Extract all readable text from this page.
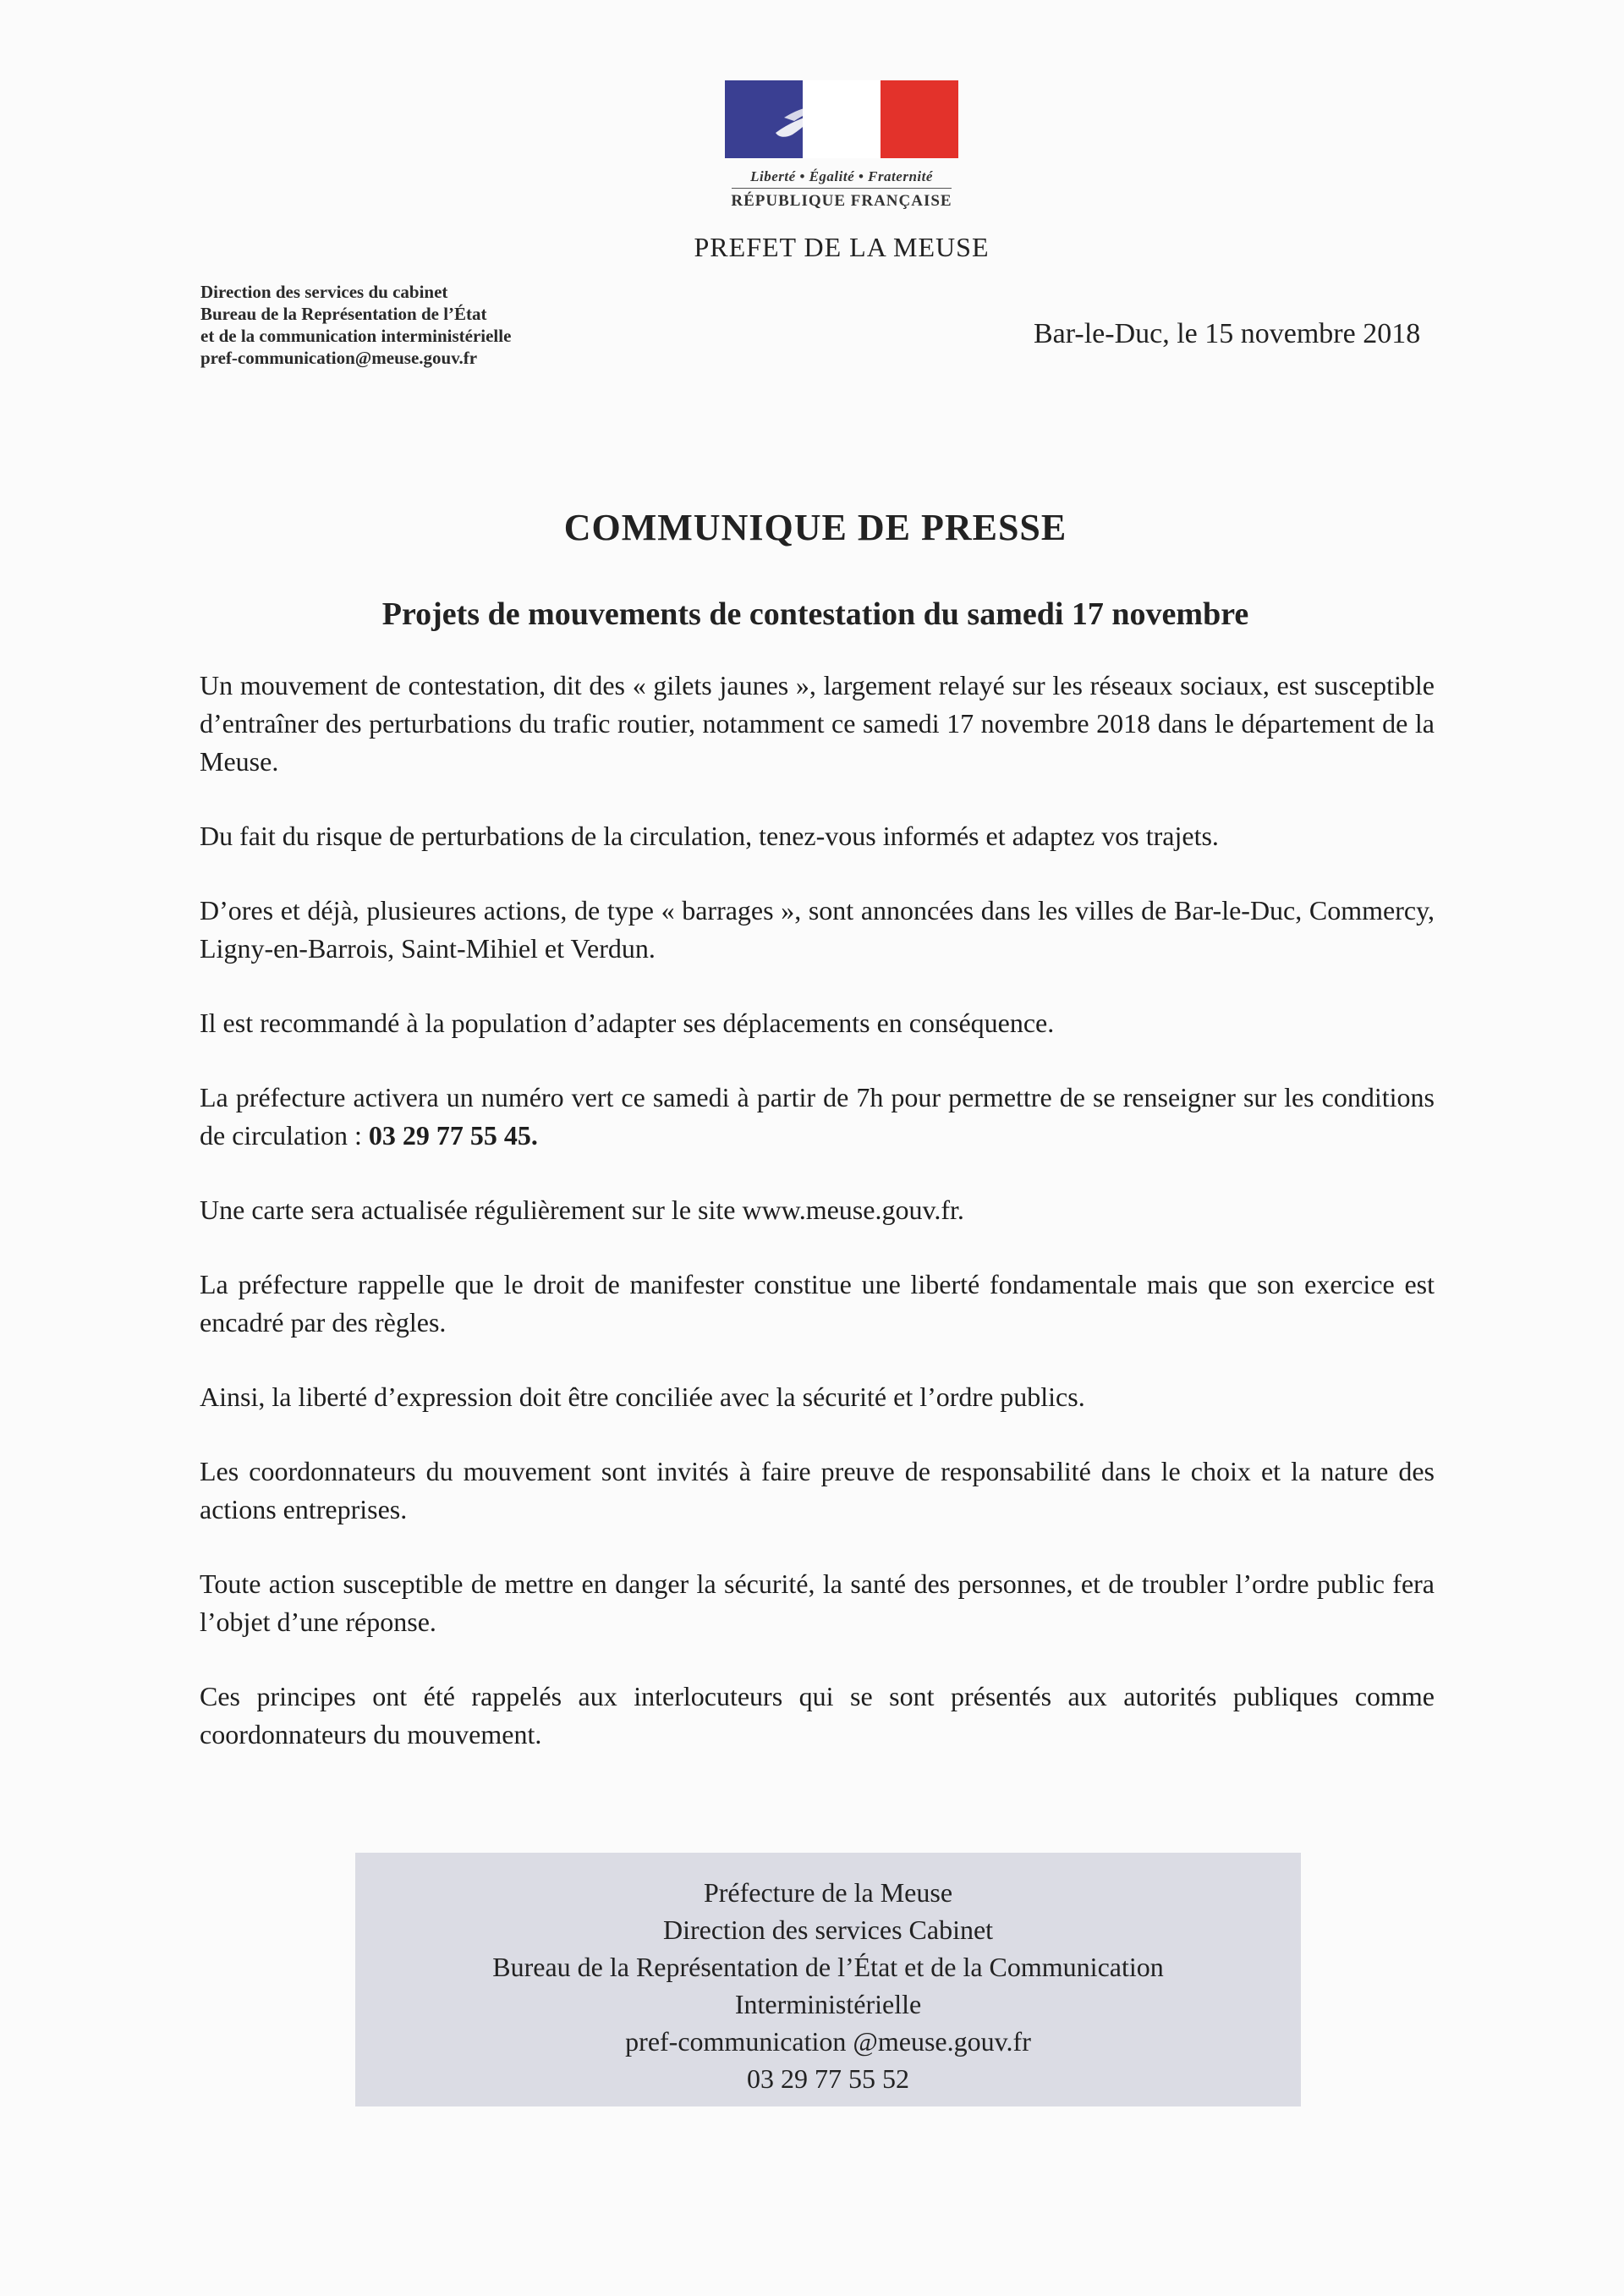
Liberté • Égalité • Fraternité
RÉPUBLIQUE FRANÇAISE
PREFET DE LA MEUSE
Direction des services du cabinet
Bureau de la Représentation de l’État
et de la communication interministérielle
pref-communication@meuse.gouv.fr
Bar-le-Duc, le 15 novembre 2018
COMMUNIQUE DE PRESSE
Projets de mouvements de contestation du samedi 17 novembre

Un mouvement de contestation, dit des « gilets jaunes », largement relayé sur les réseaux sociaux, est susceptible d’entraîner des perturbations du trafic routier, notamment ce samedi 17 novembre 2018 dans le département de la Meuse.

Du fait du risque de perturbations de la circulation, tenez-vous informés et adaptez vos trajets.

D’ores et déjà, plusieures actions, de type « barrages », sont annoncées dans les villes de Bar-le-Duc, Commercy, Ligny-en-Barrois, Saint-Mihiel et Verdun.

Il est recommandé à la population d’adapter ses déplacements en conséquence.

La préfecture activera un numéro vert ce samedi à partir de 7h pour permettre de se renseigner sur les conditions de circulation : 03 29 77 55 45.

Une carte sera actualisée régulièrement sur le site www.meuse.gouv.fr.

La préfecture rappelle que le droit de manifester constitue une liberté fondamentale mais que son exercice est encadré par des règles.

Ainsi, la liberté d’expression doit être conciliée avec la sécurité et l’ordre publics.

Les coordonnateurs du mouvement sont invités à faire preuve de responsabilité dans le choix et la nature des actions entreprises.

Toute action susceptible de mettre en danger la sécurité, la santé des personnes, et de troubler l’ordre public fera l’objet d’une réponse.

Ces principes ont été rappelés aux interlocuteurs qui se sont présentés aux autorités publiques comme coordonnateurs du mouvement.

Préfecture de la Meuse
Direction des services Cabinet
Bureau de la Représentation de l’État et de la Communication
Interministérielle
pref-communication @meuse.gouv.fr
03 29 77 55 52
